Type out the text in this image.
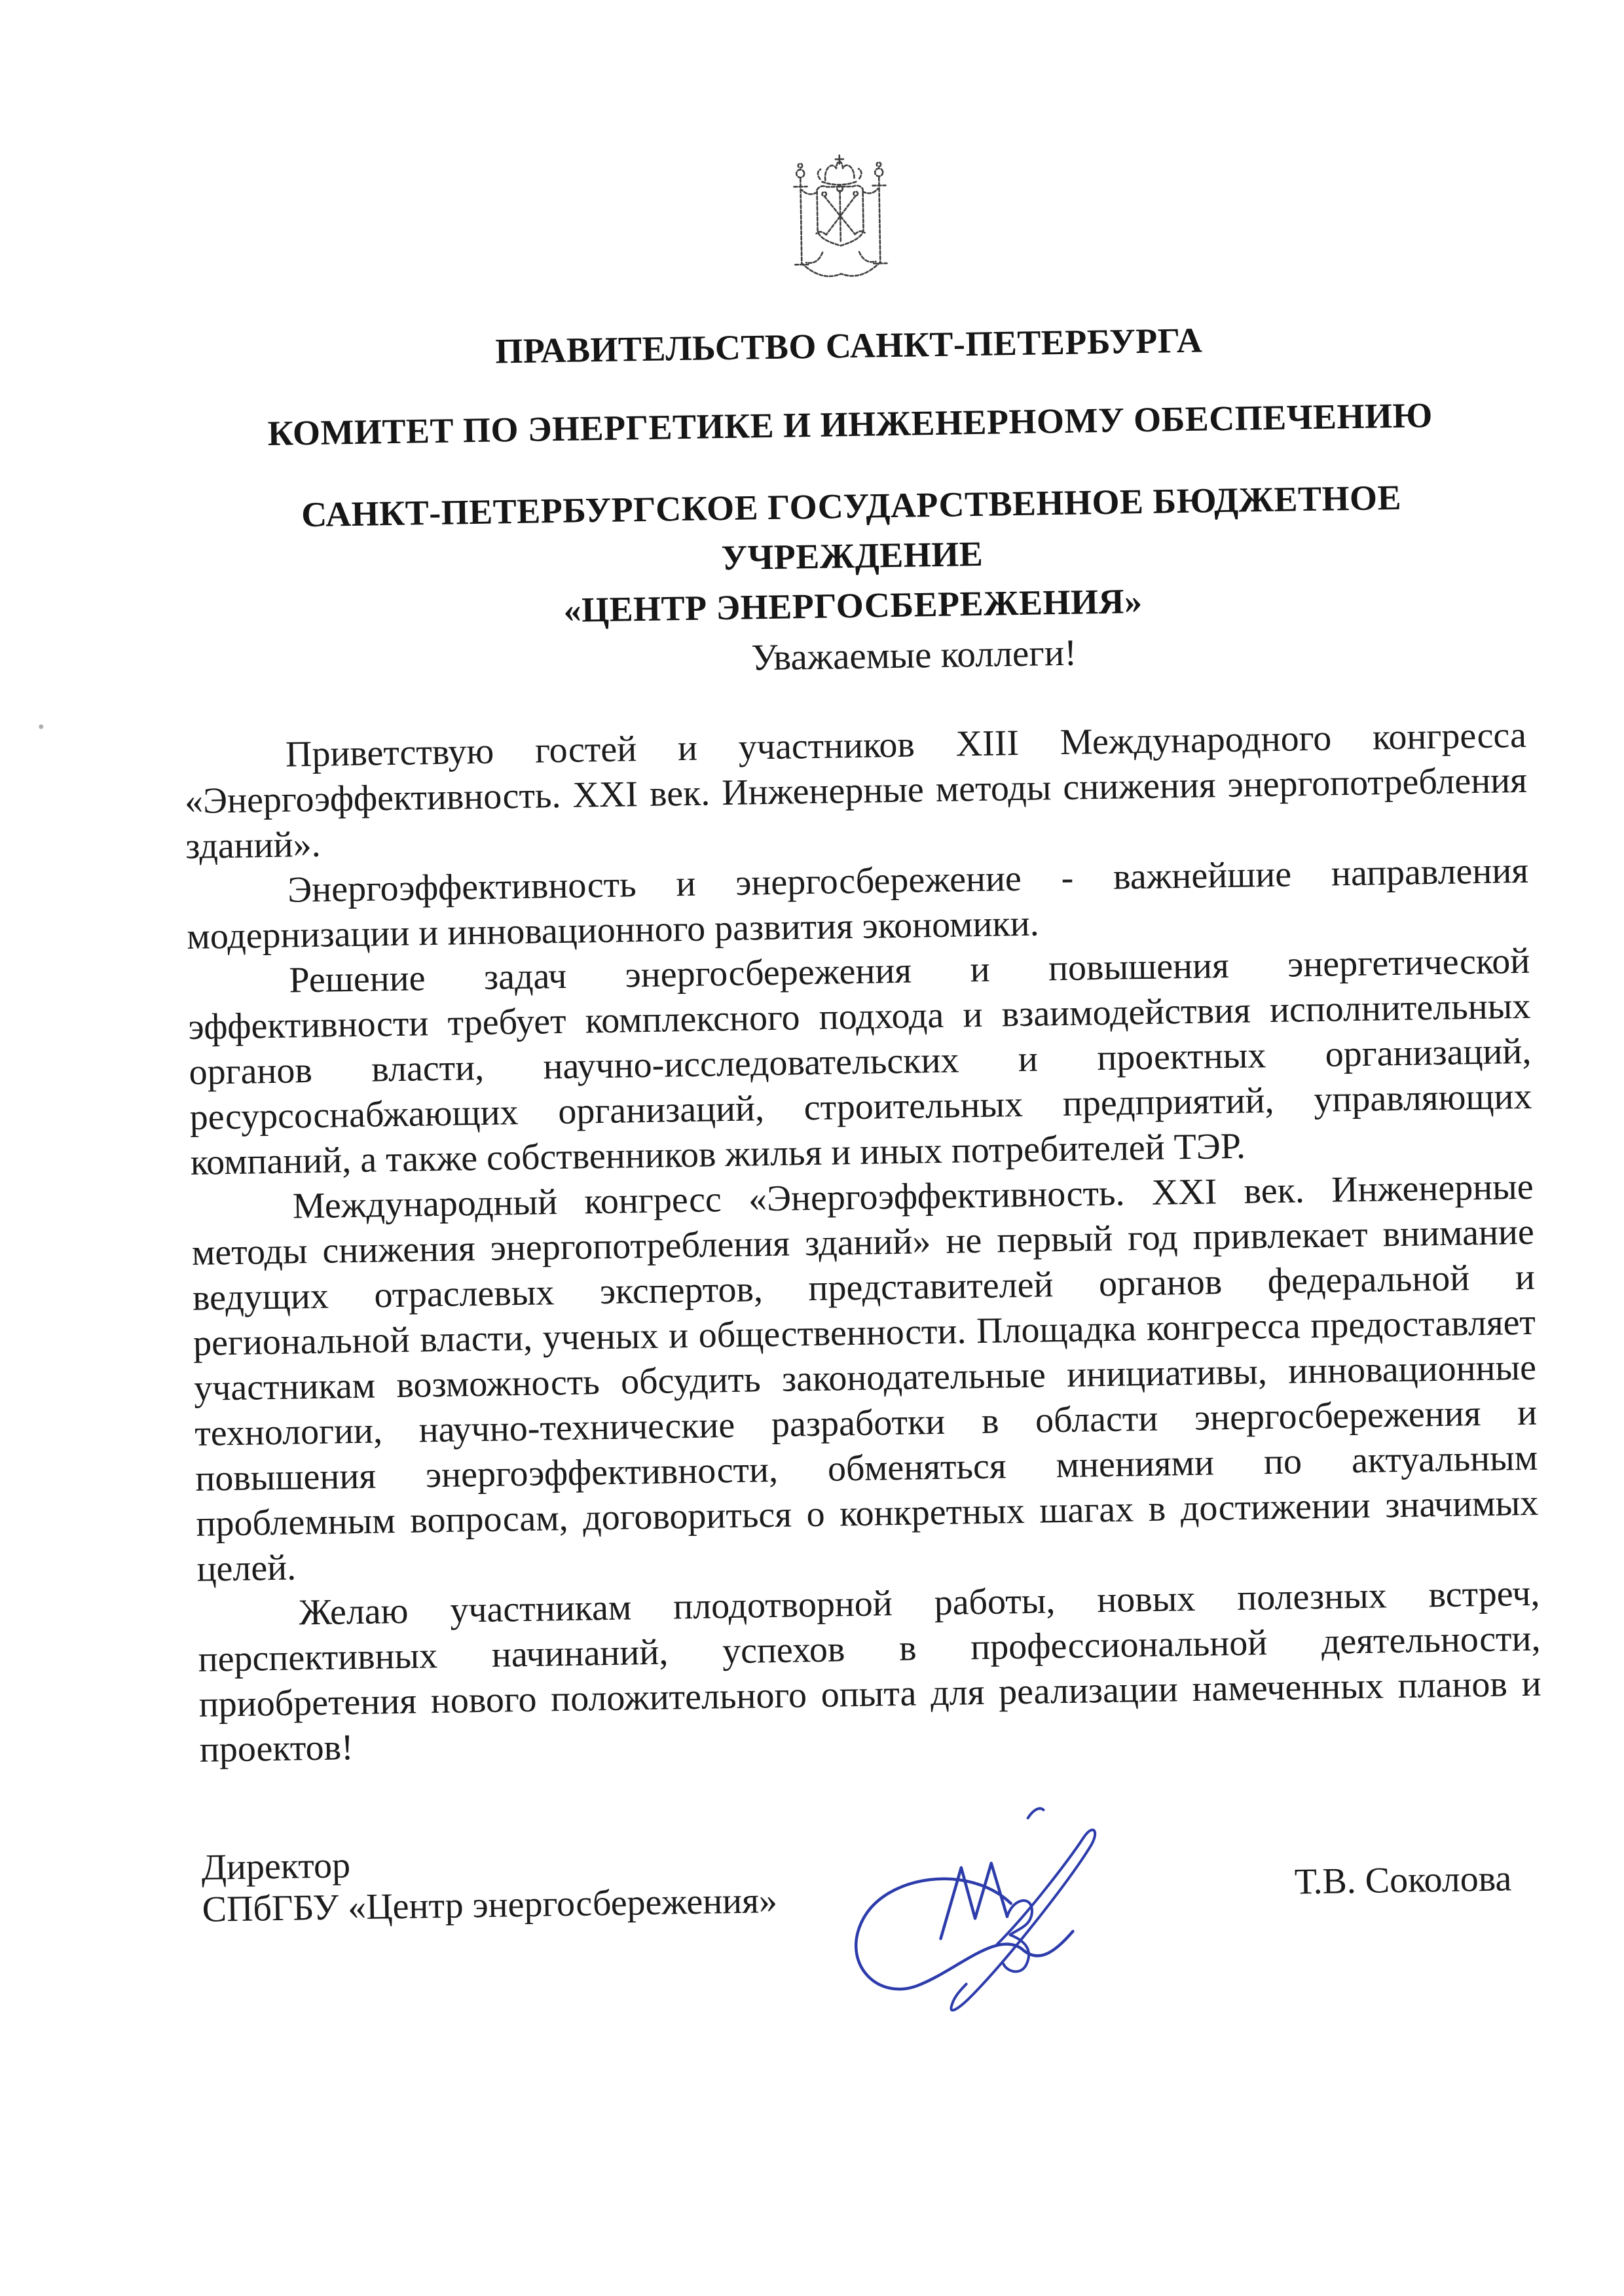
ПРАВИТЕЛЬСТВО САНКТ-ПЕТЕРБУРГА
КОМИТЕТ ПО ЭНЕРГЕТИКЕ И ИНЖЕНЕРНОМУ ОБЕСПЕЧЕНИЮ
САНКТ-ПЕТЕРБУРГСКОЕ ГОСУДАРСТВЕННОЕ БЮДЖЕТНОЕ УЧРЕЖДЕНИЕ
«ЦЕНТР ЭНЕРГОСБЕРЕЖЕНИЯ»
Уважаемые коллеги!

Приветствую гостей и участников XIII Международного конгресса «Энергоэффективность. XXI век. Инженерные методы снижения энергопотребления зданий».

Энергоэффективность и энергосбережение - важнейшие направления модернизации и инновационного развития экономики.

Решение задач энергосбережения и повышения энергетической эффективности требует комплексного подхода и взаимодействия исполнительных органов власти, научно-исследовательских и проектных организаций, ресурсоснабжающих организаций, строительных предприятий, управляющих компаний, а также собственников жилья и иных потребителей ТЭР.

Международный конгресс «Энергоэффективность. XXI век. Инженерные методы снижения энергопотребления зданий» не первый год привлекает внимание ведущих отраслевых экспертов, представителей органов федеральной и региональной власти, ученых и общественности. Площадка конгресса предоставляет участникам возможность обсудить законодательные инициативы, инновационные технологии, научно-технические разработки в области энергосбережения и повышения энергоэффективности, обменяться мнениями по актуальным проблемным вопросам, договориться о конкретных шагах в достижении значимых целей.

Желаю участникам плодотворной работы, новых полезных встреч, перспективных начинаний, успехов в профессиональной деятельности, приобретения нового положительного опыта для реализации намеченных планов и проектов!

Директор
СПбГБУ «Центр энергосбережения»
Т.В. Соколова
